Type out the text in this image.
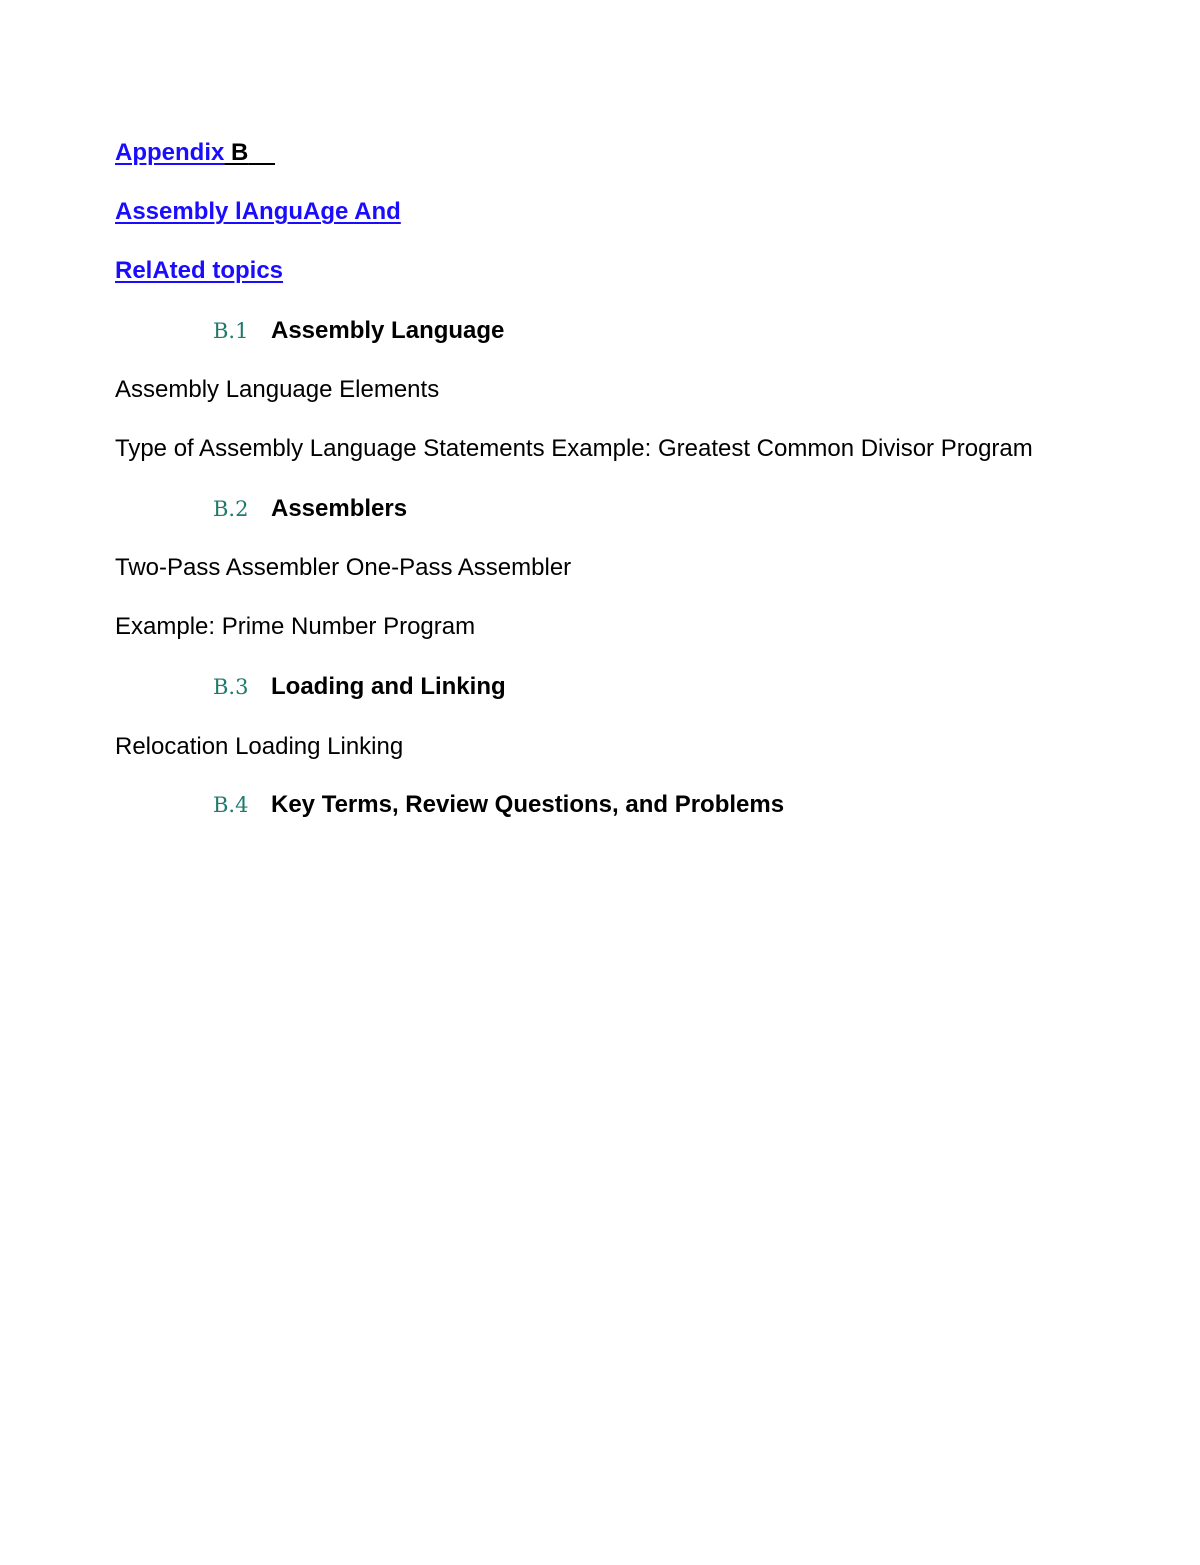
Appendix B
Assembly lAnguAge And
RelAted topics
B.1 Assembly Language
Assembly Language Elements
Type of Assembly Language Statements Example: Greatest Common Divisor Program
B.2 Assemblers
Two-Pass Assembler One-Pass Assembler
Example: Prime Number Program
B.3 Loading and Linking
Relocation Loading Linking
B.4 Key Terms, Review Questions, and Problems
